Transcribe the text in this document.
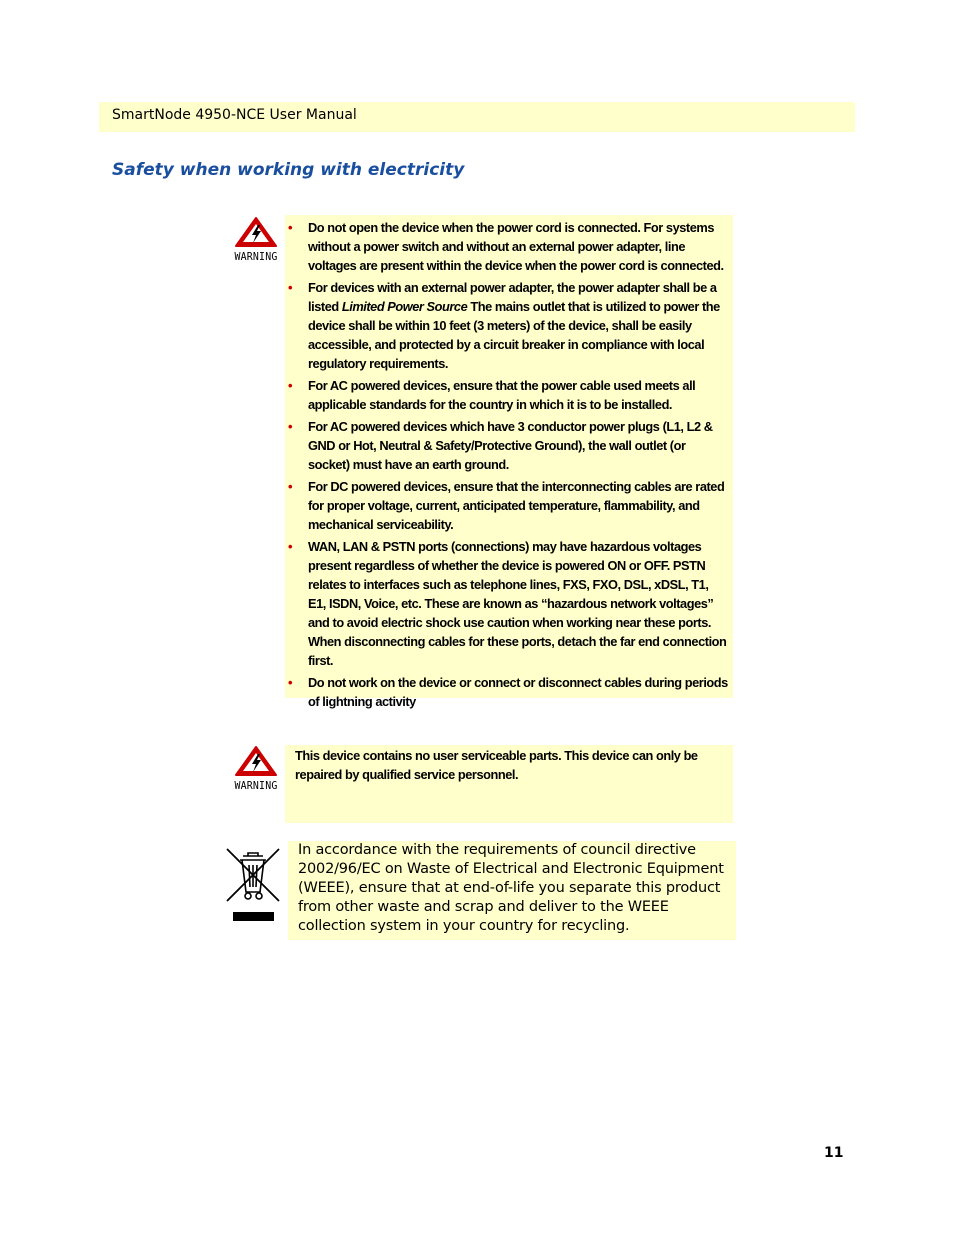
SmartNode 4950-NCE User Manual
Safety when working with electricity
WARNING
• Do not open the device when the power cord is connected. For systems without a power switch and without an external power adapter, line voltages are present within the device when the power cord is connected.
• For devices with an external power adapter, the power adapter shall be a listed Limited Power Source The mains outlet that is utilized to power the device shall be within 10 feet (3 meters) of the device, shall be easily accessible, and protected by a circuit breaker in compliance with local regulatory requirements.
• For AC powered devices, ensure that the power cable used meets all applicable standards for the country in which it is to be installed.
• For AC powered devices which have 3 conductor power plugs (L1, L2 & GND or Hot, Neutral & Safety/Protective Ground), the wall outlet (or socket) must have an earth ground.
• For DC powered devices, ensure that the interconnecting cables are rated for proper voltage, current, anticipated temperature, flammability, and mechanical serviceability.
• WAN, LAN & PSTN ports (connections) may have hazardous voltages present regardless of whether the device is powered ON or OFF. PSTN relates to interfaces such as telephone lines, FXS, FXO, DSL, xDSL, T1, E1, ISDN, Voice, etc. These are known as “hazardous network voltages” and to avoid electric shock use caution when working near these ports. When disconnecting cables for these ports, detach the far end connection first.
• Do not work on the device or connect or disconnect cables during periods of lightning activity
WARNING
This device contains no user serviceable parts. This device can only be repaired by qualified service personnel.
In accordance with the requirements of council directive 2002/96/EC on Waste of Electrical and Electronic Equipment (WEEE), ensure that at end-of-life you separate this product from other waste and scrap and deliver to the WEEE collection system in your country for recycling.
11
